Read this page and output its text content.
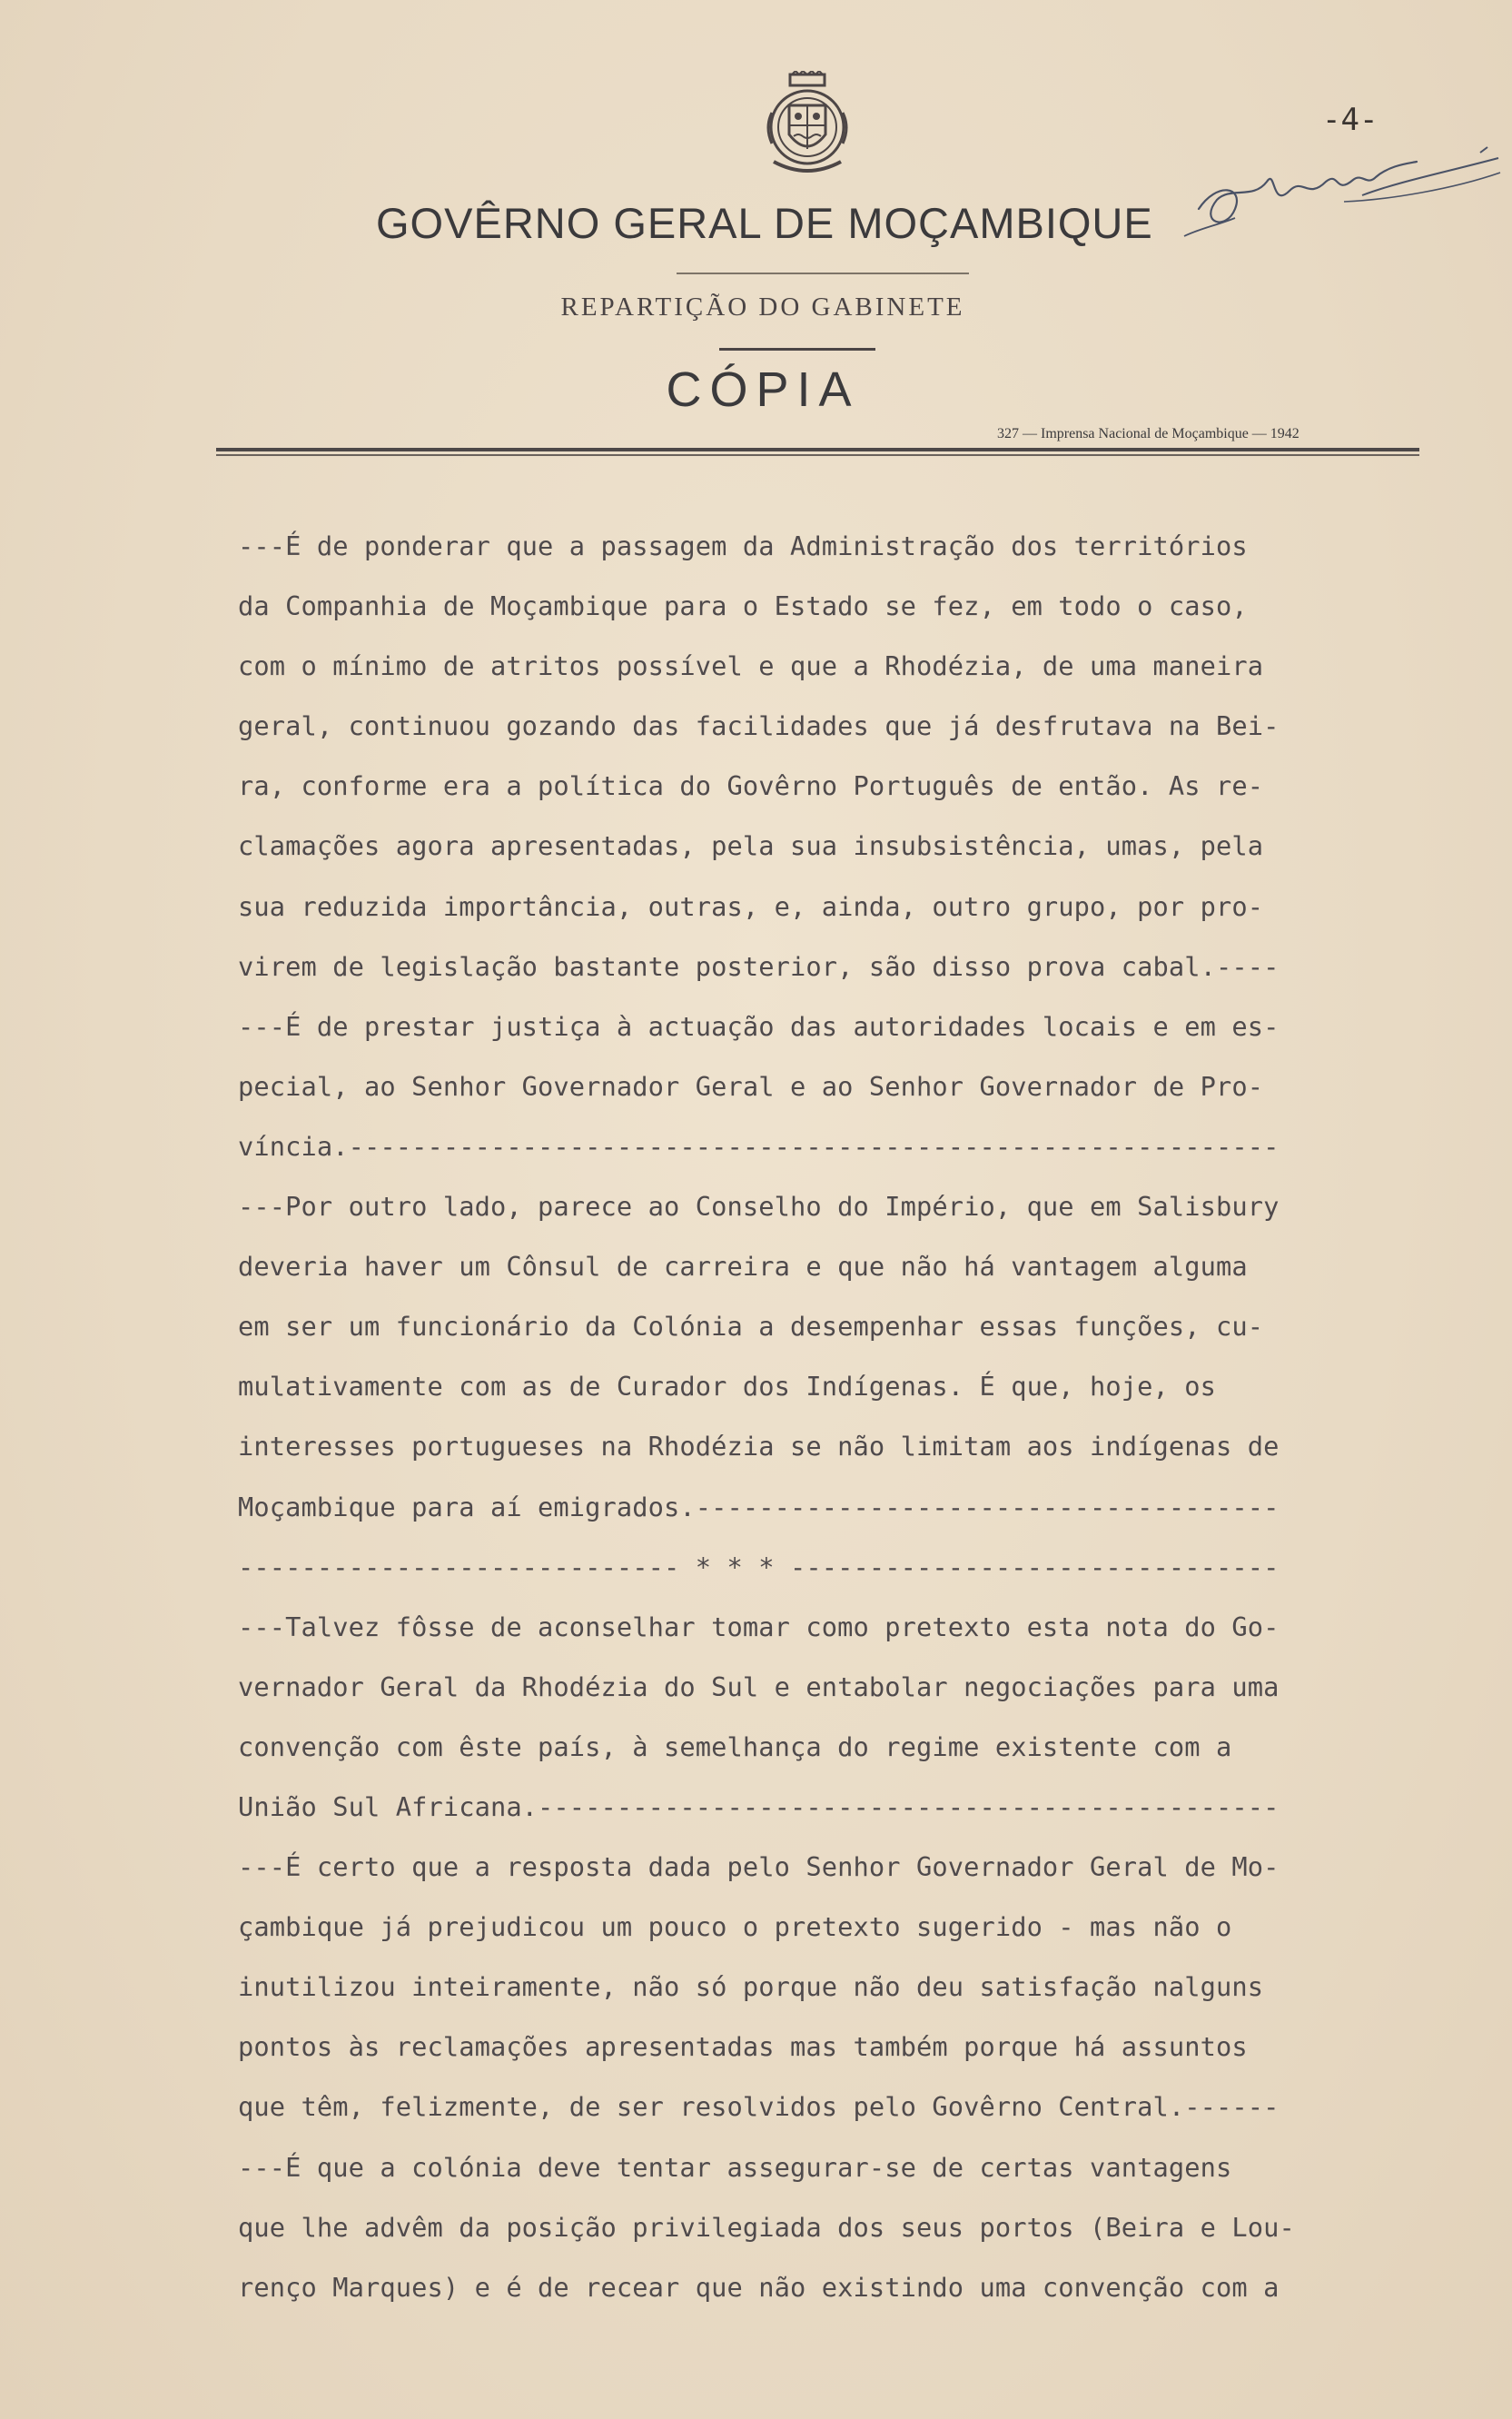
-4-
GOVÊRNO GERAL DE MOÇAMBIQUE
REPARTIÇÃO DO GABINETE
CÓPIA
327 — Imprensa Nacional de Moçambique — 1942
---É de ponderar que a passagem da Administração dos territórios
da Companhia de Moçambique para o Estado se fez, em todo o caso,
com o mínimo de atritos possível e que a Rhodézia, de uma maneira
geral, continuou gozando das facilidades que já desfrutava na Bei-
ra, conforme era a política do Govêrno Português de então. As re-
clamações agora apresentadas, pela sua insubsistência, umas, pela
sua reduzida importância, outras, e, ainda, outro grupo, por pro-
virem de legislação bastante posterior, são disso prova cabal.----
---É de prestar justiça à actuação das autoridades locais e em es-
pecial, ao Senhor Governador Geral e ao Senhor Governador de Pro-
víncia.-----------------------------------------------------------
---Por outro lado, parece ao Conselho do Império, que em Salisbury
deveria haver um Cônsul de carreira e que não há vantagem alguma
em ser um funcionário da Colónia a desempenhar essas funções, cu-
mulativamente com as de Curador dos Indígenas. É que, hoje, os
interesses portugueses na Rhodézia se não limitam aos indígenas de
Moçambique para aí emigrados.-------------------------------------
---------------------------- * * * -------------------------------
---Talvez fôsse de aconselhar tomar como pretexto esta nota do Go-
vernador Geral da Rhodézia do Sul e entabolar negociações para uma
convenção com êste país, à semelhança do regime existente com a
União Sul Africana.-----------------------------------------------
---É certo que a resposta dada pelo Senhor Governador Geral de Mo-
çambique já prejudicou um pouco o pretexto sugerido - mas não o
inutilizou inteiramente, não só porque não deu satisfação nalguns
pontos às reclamações apresentadas mas também porque há assuntos
que têm, felizmente, de ser resolvidos pelo Govêrno Central.------
---É que a colónia deve tentar assegurar-se de certas vantagens
que lhe advêm da posição privilegiada dos seus portos (Beira e Lou-
renço Marques) e é de recear que não existindo uma convenção com a
